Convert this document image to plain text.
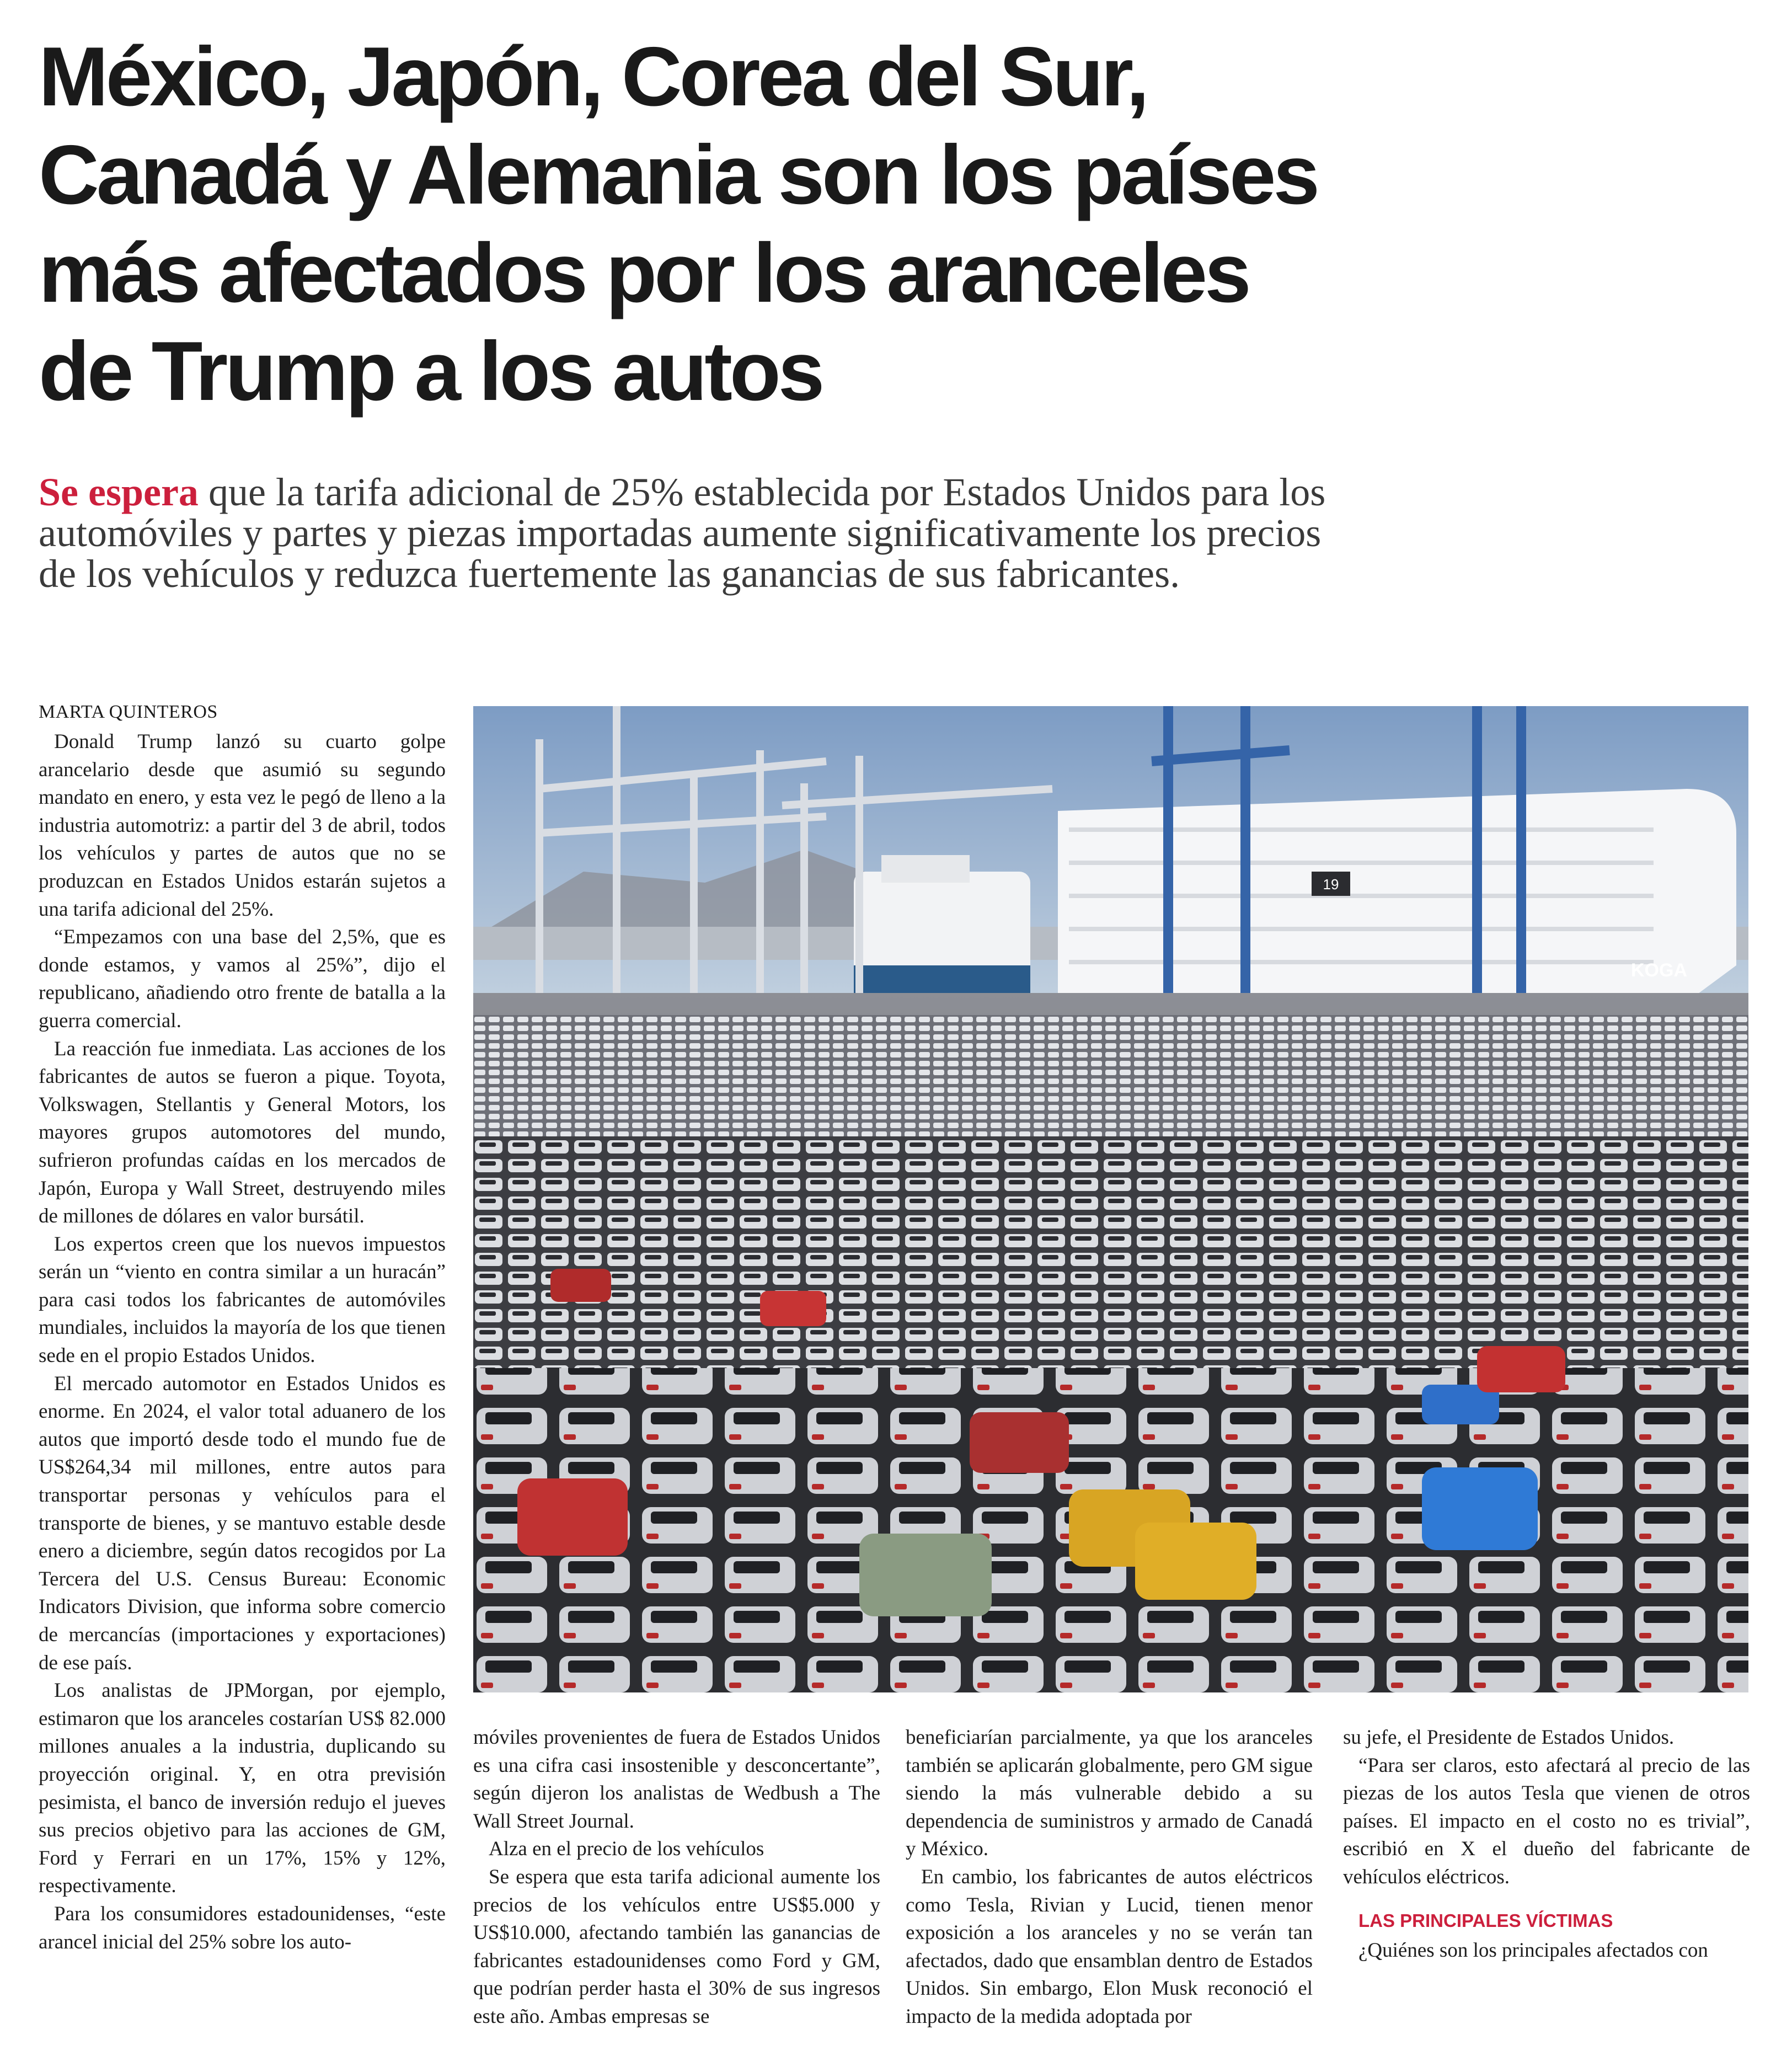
México, Japón, Corea del Sur, Canadá y Alemania son los países más afectados por los aranceles de Trump a los autos

Se espera que la tarifa adicional de 25% establecida por Estados Unidos para los automóviles y partes y piezas importadas aumente significativamente los precios de los vehículos y reduzca fuertemente las ganancias de sus fabricantes.

MARTA QUINTEROS

Donald Trump lanzó su cuarto golpe arancelario desde que asumió su segundo mandato en enero, y esta vez le pegó de lleno a la industria automotriz: a partir del 3 de abril, todos los vehículos y partes de autos que no se produzcan en Estados Unidos estarán sujetos a una tarifa adicional del 25%.

“Empezamos con una base del 2,5%, que es donde estamos, y vamos al 25%”, dijo el republicano, añadiendo otro frente de batalla a la guerra comercial.

La reacción fue inmediata. Las acciones de los fabricantes de autos se fueron a pique. Toyota, Volkswagen, Stellantis y General Motors, los mayores grupos automotores del mundo, sufrieron profundas caídas en los mercados de Japón, Europa y Wall Street, destruyendo miles de millones de dólares en valor bursátil.

Los expertos creen que los nuevos impuestos serán un “viento en contra similar a un huracán” para casi todos los fabricantes de automóviles mundiales, incluidos la mayoría de los que tienen sede en el propio Estados Unidos.

El mercado automotor en Estados Unidos es enorme. En 2024, el valor total aduanero de los autos que importó desde todo el mundo fue de US$264,34 mil millones, entre autos para transportar personas y vehículos para el transporte de bienes, y se mantuvo estable desde enero a diciembre, según datos recogidos por La Tercera del U.S. Census Bureau: Economic Indicators Division, que informa sobre comercio de mercancías (importaciones y exportaciones) de ese país.

Los analistas de JPMorgan, por ejemplo, estimaron que los aranceles costarían US$ 82.000 millones anuales a la industria, duplicando su proyección original. Y, en otra previsión pesimista, el banco de inversión redujo el jueves sus precios objetivo para las acciones de GM, Ford y Ferrari en un 17%, 15% y 12%, respectivamente.

Para los consumidores estadounidenses, “este arancel inicial del 25% sobre los auto-

19
KOGA

móviles provenientes de fuera de Estados Unidos es una cifra casi insostenible y desconcertante”, según dijeron los analistas de Wedbush a The Wall Street Journal.

Alza en el precio de los vehículos

Se espera que esta tarifa adicional aumente los precios de los vehículos entre US$5.000 y US$10.000, afectando también las ganancias de fabricantes estadounidenses como Ford y GM, que podrían perder hasta el 30% de sus ingresos este año. Ambas empresas se

beneficiarían parcialmente, ya que los aranceles también se aplicarán globalmente, pero GM sigue siendo la más vulnerable debido a su dependencia de suministros y armado de Canadá y México.

En cambio, los fabricantes de autos eléctricos como Tesla, Rivian y Lucid, tienen menor exposición a los aranceles y no se verán tan afectados, dado que ensamblan dentro de Estados Unidos. Sin embargo, Elon Musk reconoció el impacto de la medida adoptada por

su jefe, el Presidente de Estados Unidos.

“Para ser claros, esto afectará al precio de las piezas de los autos Tesla que vienen de otros países. El impacto en el costo no es trivial”, escribió en X el dueño del fabricante de vehículos eléctricos.

LAS PRINCIPALES VÍCTIMAS

¿Quiénes son los principales afectados con
